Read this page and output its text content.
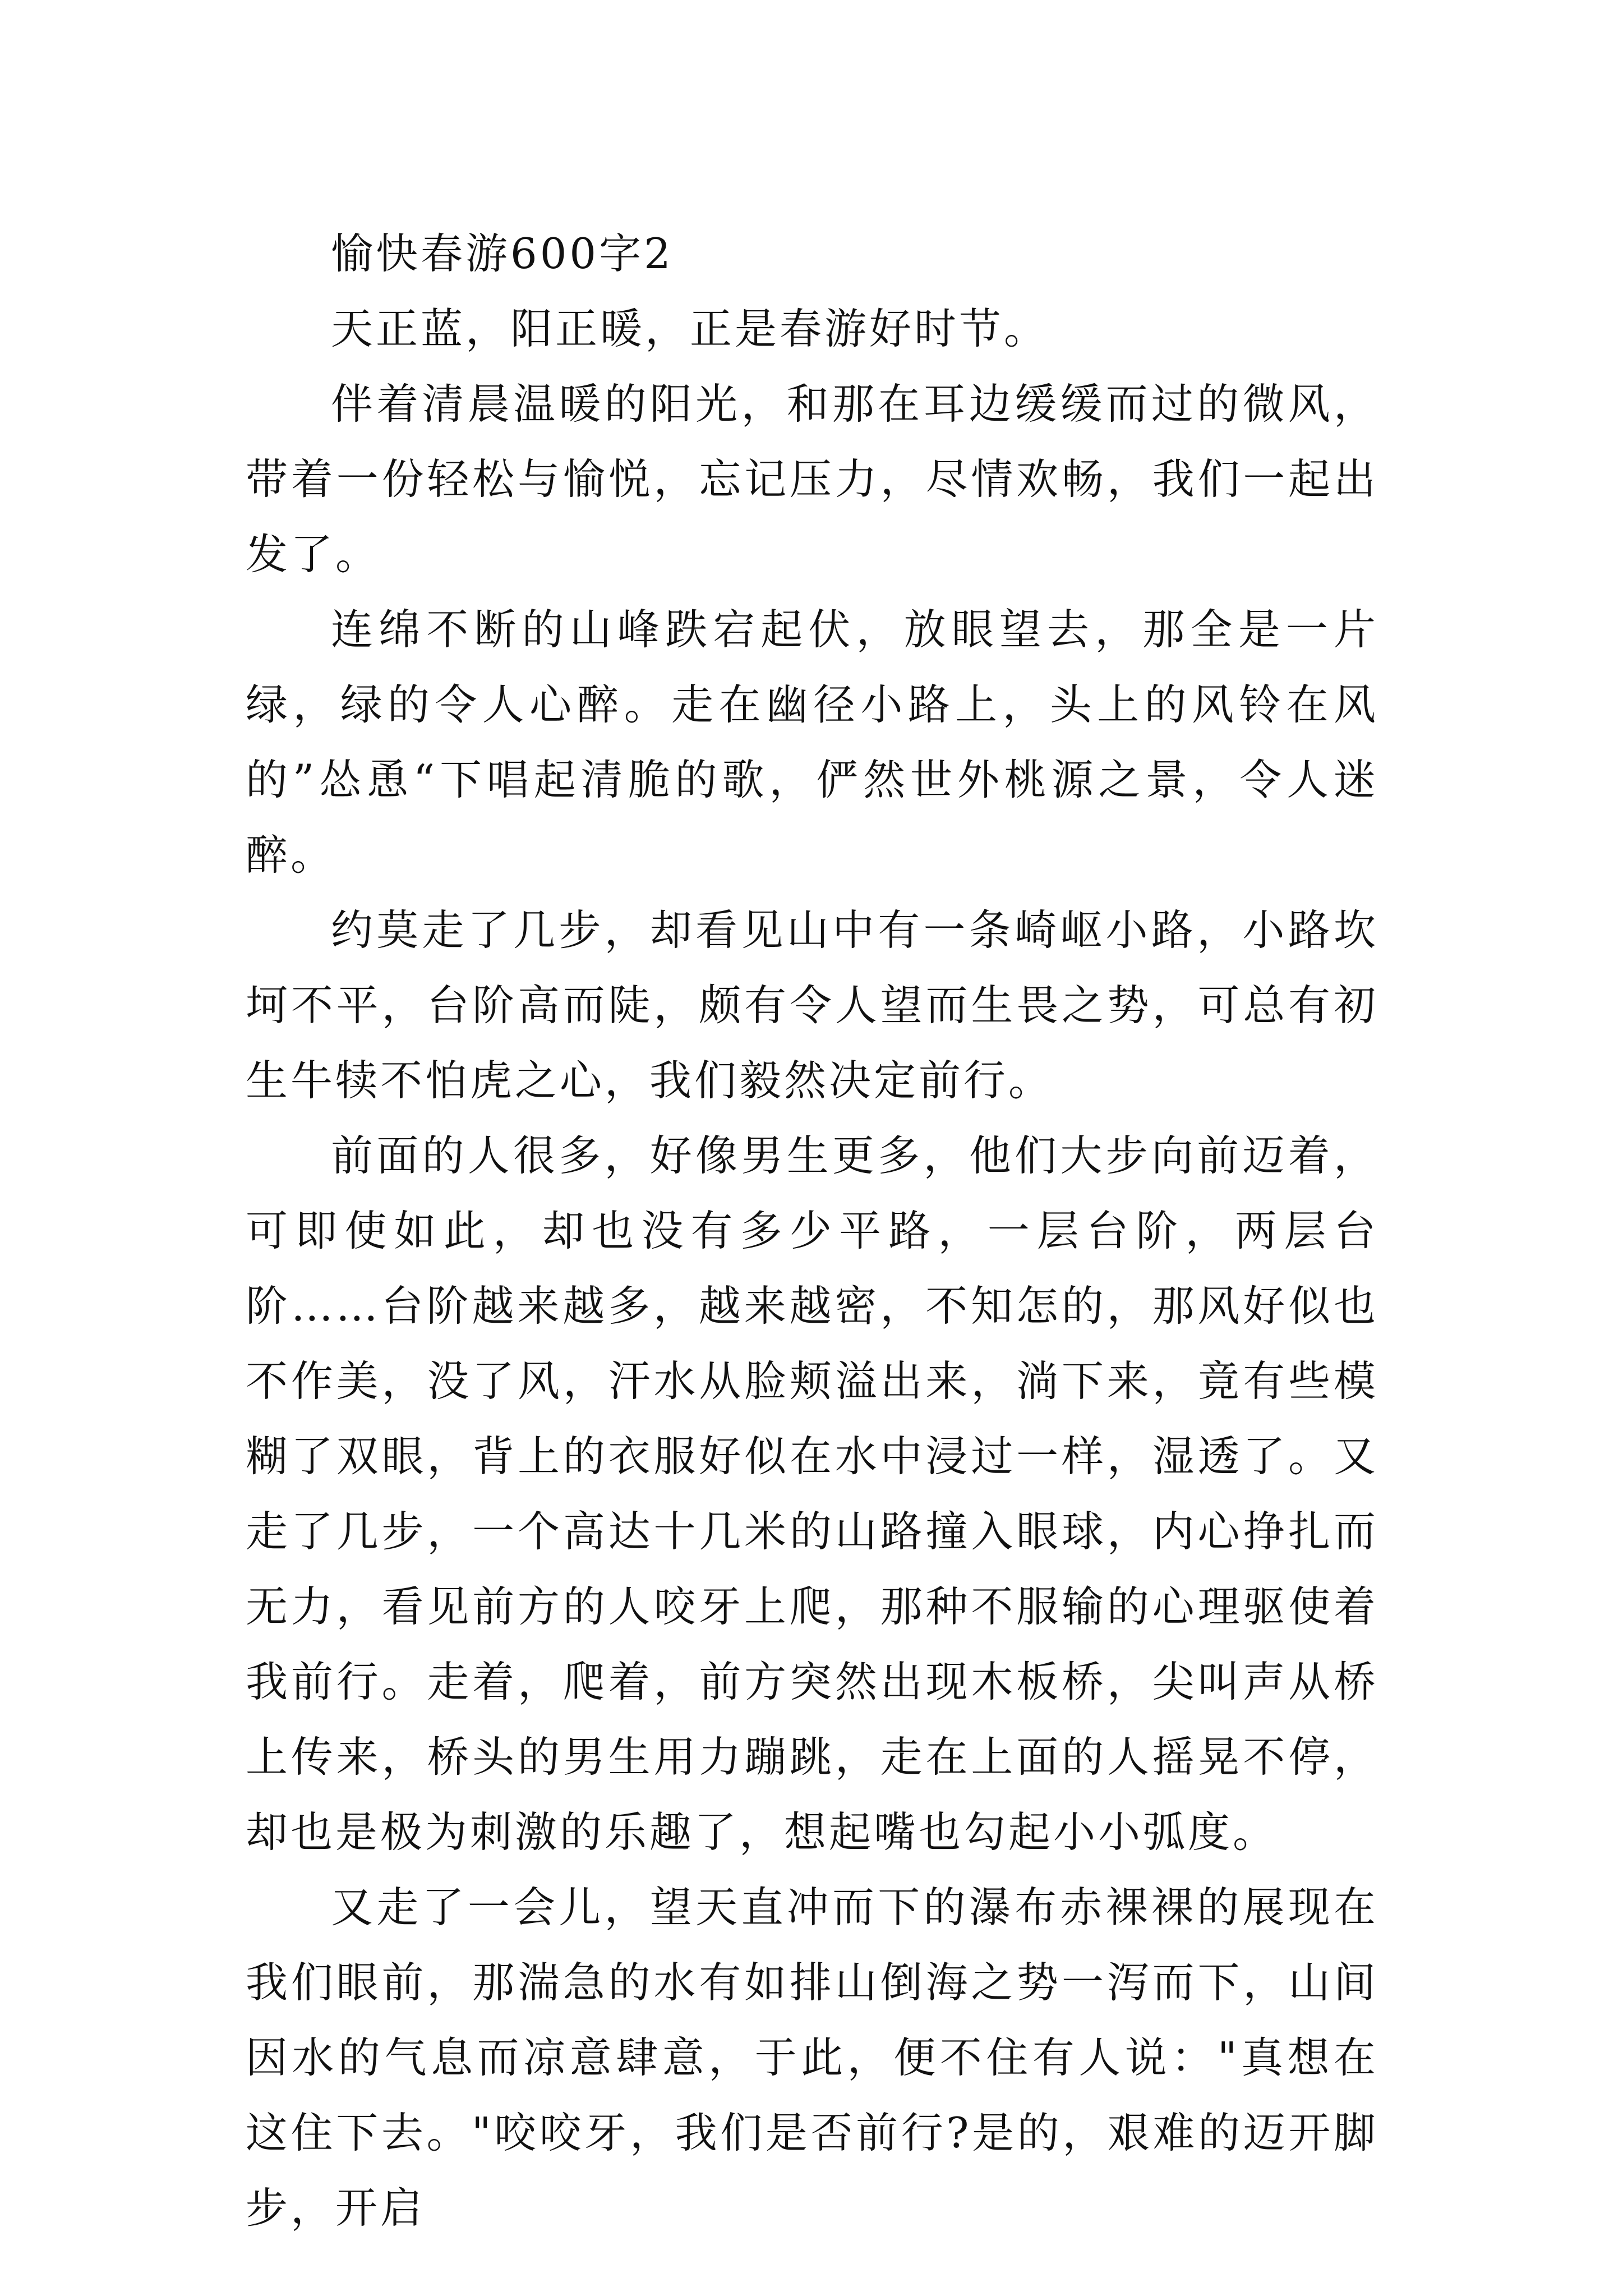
愉快春游600字2

天正蓝，阳正暖，正是春游好时节。

伴着清晨温暖的阳光，和那在耳边缓缓而过的微风，带着一份轻松与愉悦，忘记压力，尽情欢畅，我们一起出发了。

连绵不断的山峰跌宕起伏，放眼望去，那全是一片绿，绿的令人心醉。走在幽径小路上，头上的风铃在风的”怂恿“下唱起清脆的歌，俨然世外桃源之景，令人迷醉。

约莫走了几步，却看见山中有一条崎岖小路，小路坎坷不平，台阶高而陡，颇有令人望而生畏之势，可总有初生牛犊不怕虎之心，我们毅然决定前行。

前面的人很多，好像男生更多，他们大步向前迈着，可即使如此，却也没有多少平路，一层台阶，两层台阶……台阶越来越多，越来越密，不知怎的，那风好似也不作美，没了风，汗水从脸颊溢出来，淌下来，竟有些模糊了双眼，背上的衣服好似在水中浸过一样，湿透了。又走了几步，一个高达十几米的山路撞入眼球，内心挣扎而无力，看见前方的人咬牙上爬，那种不服输的心理驱使着我前行。走着，爬着，前方突然出现木板桥，尖叫声从桥上传来，桥头的男生用力蹦跳，走在上面的人摇晃不停，却也是极为刺激的乐趣了，想起嘴也勾起小小弧度。

又走了一会儿，望天直冲而下的瀑布赤裸裸的展现在我们眼前，那湍急的水有如排山倒海之势一泻而下，山间因水的气息而凉意肆意，于此，便不住有人说："真想在这住下去。"咬咬牙，我们是否前行?是的，艰难的迈开脚步，开启
